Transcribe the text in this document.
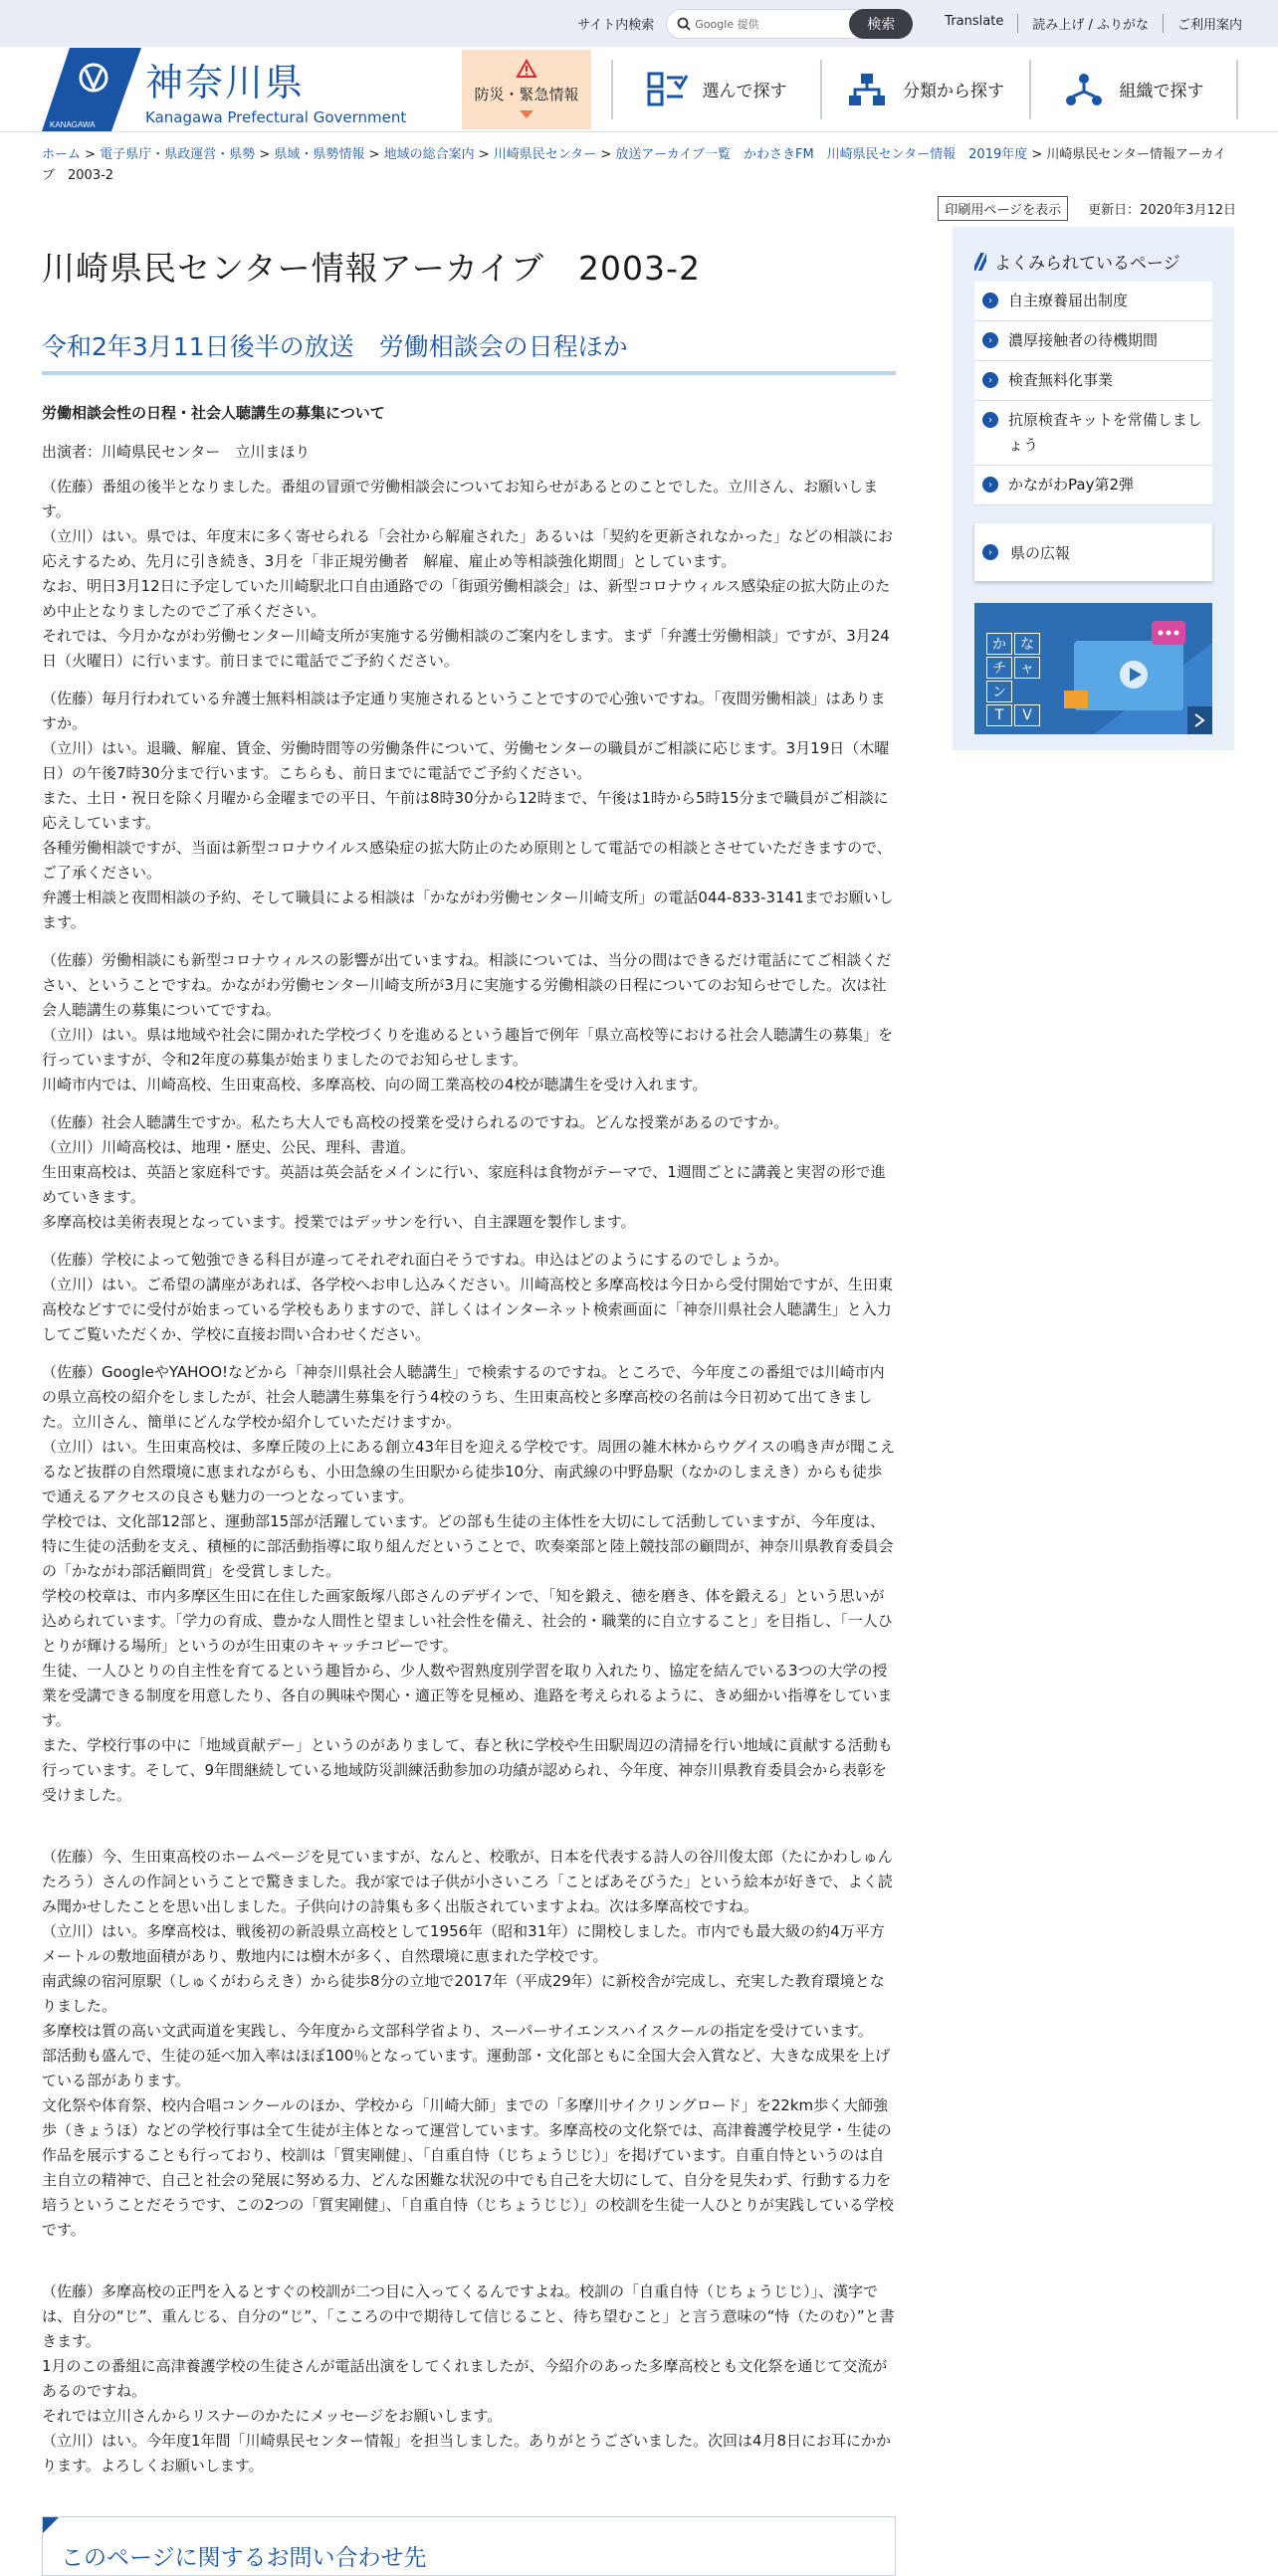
サイト内検索	Google 提供	検索	Translate	読み上げ / ふりがな	ご利用案内
KANAGAWA
神奈川県
Kanagawa Prefectural Government
防災・緊急情報	選んで探す	分類から探す	組織で探す
ホーム > 電子県庁・県政運営・県勢 > 県域・県勢情報 > 地域の総合案内 > 川崎県民センター > 放送アーカイブ一覧　かわさきFM　川崎県民センター情報　2019年度 > 川崎県民センター情報アーカイブ　2003-2
印刷用ページを表示	更新日：2020年3月12日
川崎県民センター情報アーカイブ　2003-2
令和2年3月11日後半の放送　労働相談会の日程ほか
労働相談会性の日程・社会人聴講生の募集について
出演者：川崎県民センター　立川まほり

（佐藤）番組の後半となりました。番組の冒頭で労働相談会についてお知らせがあるとのことでした。立川さん、お願いします。

（立川）はい。県では、年度末に多く寄せられる「会社から解雇された」あるいは「契約を更新されなかった」などの相談にお応えするため、先月に引き続き、3月を「非正規労働者　解雇、雇止め等相談強化期間」としています。

なお、明日3月12日に予定していた川崎駅北口自由通路での「街頭労働相談会」は、新型コロナウィルス感染症の拡大防止のため中止となりましたのでご了承ください。

それでは、今月かながわ労働センター川崎支所が実施する労働相談のご案内をします。まず「弁護士労働相談」ですが、3月24日（火曜日）に行います。前日までに電話でご予約ください。

（佐藤）毎月行われている弁護士無料相談は予定通り実施されるということですので心強いですね。「夜間労働相談」はありますか。

（立川）はい。退職、解雇、賃金、労働時間等の労働条件について、労働センターの職員がご相談に応じます。3月19日（木曜日）の午後7時30分まで行います。こちらも、前日までに電話でご予約ください。

また、土日・祝日を除く月曜から金曜までの平日、午前は8時30分から12時まで、午後は1時から5時15分まで職員がご相談に応えしています。

各種労働相談ですが、当面は新型コロナウイルス感染症の拡大防止のため原則として電話での相談とさせていただきますので、ご了承ください。

弁護士相談と夜間相談の予約、そして職員による相談は「かながわ労働センター川崎支所」の電話044-833-3141までお願いします。

（佐藤）労働相談にも新型コロナウィルスの影響が出ていますね。相談については、当分の間はできるだけ電話にてご相談ください、ということですね。かながわ労働センター川崎支所が3月に実施する労働相談の日程についてのお知らせでした。次は社会人聴講生の募集についてですね。

（立川）はい。県は地域や社会に開かれた学校づくりを進めるという趣旨で例年「県立高校等における社会人聴講生の募集」を行っていますが、令和2年度の募集が始まりましたのでお知らせします。

川崎市内では、川崎高校、生田東高校、多摩高校、向の岡工業高校の4校が聴講生を受け入れます。

（佐藤）社会人聴講生ですか。私たち大人でも高校の授業を受けられるのですね。どんな授業があるのですか。

（立川）川崎高校は、地理・歴史、公民、理科、書道。

生田東高校は、英語と家庭科です。英語は英会話をメインに行い、家庭科は食物がテーマで、1週間ごとに講義と実習の形で進めていきます。

多摩高校は美術表現となっています。授業ではデッサンを行い、自主課題を製作します。

（佐藤）学校によって勉強できる科目が違ってそれぞれ面白そうですね。申込はどのようにするのでしょうか。

（立川）はい。ご希望の講座があれば、各学校へお申し込みください。川崎高校と多摩高校は今日から受付開始ですが、生田東高校などすでに受付が始まっている学校もありますので、詳しくはインターネット検索画面に「神奈川県社会人聴講生」と入力してご覧いただくか、学校に直接お問い合わせください。

（佐藤）GoogleやYAHOO!などから「神奈川県社会人聴講生」で検索するのですね。ところで、今年度この番組では川崎市内の県立高校の紹介をしましたが、社会人聴講生募集を行う4校のうち、生田東高校と多摩高校の名前は今日初めて出てきました。立川さん、簡単にどんな学校か紹介していただけますか。

（立川）はい。生田東高校は、多摩丘陵の上にある創立43年目を迎える学校です。周囲の雑木林からウグイスの鳴き声が聞こえるなど抜群の自然環境に恵まれながらも、小田急線の生田駅から徒歩10分、南武線の中野島駅（なかのしまえき）からも徒歩で通えるアクセスの良さも魅力の一つとなっています。

学校では、文化部12部と、運動部15部が活躍しています。どの部も生徒の主体性を大切にして活動していますが、今年度は、特に生徒の活動を支え、積極的に部活動指導に取り組んだということで、吹奏楽部と陸上競技部の顧問が、神奈川県教育委員会の「かながわ部活顧問賞」を受賞しました。

学校の校章は、市内多摩区生田に在住した画家飯塚八郎さんのデザインで、「知を鍛え、徳を磨き、体を鍛える」という思いが込められています。「学力の育成、豊かな人間性と望ましい社会性を備え、社会的・職業的に自立すること」を目指し、「一人ひとりが輝ける場所」というのが生田東のキャッチコピーです。

生徒、一人ひとりの自主性を育てるという趣旨から、少人数や習熟度別学習を取り入れたり、協定を結んでいる3つの大学の授業を受講できる制度を用意したり、各自の興味や関心・適正等を見極め、進路を考えられるように、きめ細かい指導をしています。

また、学校行事の中に「地域貢献デー」というのがありまして、春と秋に学校や生田駅周辺の清掃を行い地域に貢献する活動も行っています。そして、9年間継続している地域防災訓練活動参加の功績が認められ、今年度、神奈川県教育委員会から表彰を受けました。

（佐藤）今、生田東高校のホームページを見ていますが、なんと、校歌が、日本を代表する詩人の谷川俊太郎（たにかわしゅんたろう）さんの作詞ということで驚きました。我が家では子供が小さいころ「ことばあそびうた」という絵本が好きで、よく読み聞かせしたことを思い出しました。子供向けの詩集も多く出版されていますよね。次は多摩高校ですね。

（立川）はい。多摩高校は、戦後初の新設県立高校として1956年（昭和31年）に開校しました。市内でも最大級の約4万平方メートルの敷地面積があり、敷地内には樹木が多く、自然環境に恵まれた学校です。

南武線の宿河原駅（しゅくがわらえき）から徒歩8分の立地で2017年（平成29年）に新校舎が完成し、充実した教育環境となりました。

多摩校は質の高い文武両道を実践し、今年度から文部科学省より、スーパーサイエンスハイスクールの指定を受けています。

部活動も盛んで、生徒の延べ加入率はほぼ100％となっています。運動部・文化部ともに全国大会入賞など、大きな成果を上げている部があります。

文化祭や体育祭、校内合唱コンクールのほか、学校から「川崎大師」までの「多摩川サイクリングロード」を22km歩く大師強歩（きょうほ）などの学校行事は全て生徒が主体となって運営しています。多摩高校の文化祭では、高津養護学校見学・生徒の作品を展示することも行っており、校訓は「質実剛健」、「自重自恃（じちょうじじ）」を掲げています。自重自恃というのは自主自立の精神で、自己と社会の発展に努める力、どんな困難な状況の中でも自己を大切にして、自分を見失わず、行動する力を培うということだそうです、この2つの「質実剛健」、「自重自恃（じちょうじじ）」の校訓を生徒一人ひとりが実践している学校です。

（佐藤）多摩高校の正門を入るとすぐの校訓が二つ目に入ってくるんですよね。校訓の「自重自恃（じちょうじじ）」、漢字では、自分の“じ”、重んじる、自分の“じ”、「こころの中で期待して信じること、待ち望むこと」と言う意味の“恃（たのむ）”と書きます。

1月のこの番組に高津養護学校の生徒さんが電話出演をしてくれましたが、今紹介のあった多摩高校とも文化祭を通じて交流があるのですね。

それでは立川さんからリスナーのかたにメッセージをお願いします。

（立川）はい。今年度1年間「川崎県民センター情報」を担当しました。ありがとうございました。次回は4月8日にお耳にかかります。よろしくお願いします。

このページに関するお問い合わせ先
よくみられているページ
›	自主療養届出制度
›	濃厚接触者の待機期間
›	検査無料化事業
›	抗原検査キットを常備しましょう
›	かながわPay第2弾
›	県の広報
か	な
チ	ャ
ン
T	V
